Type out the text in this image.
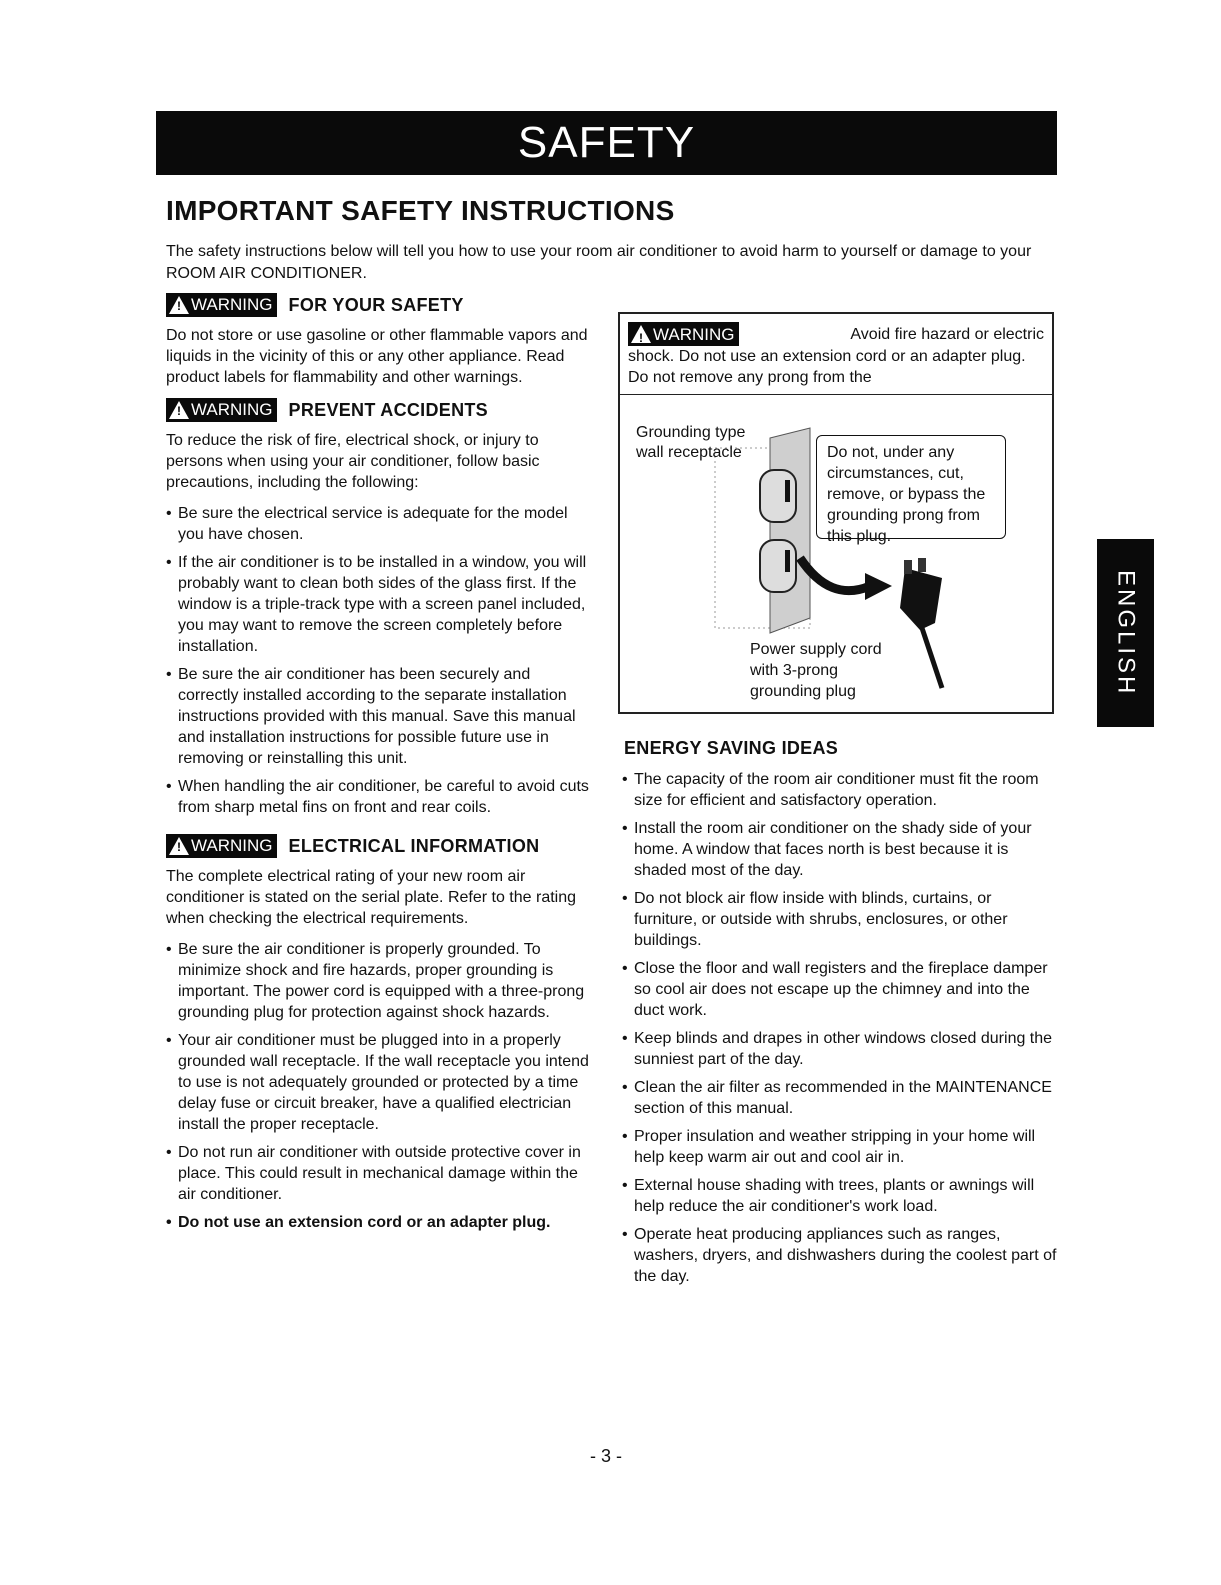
SAFETY
IMPORTANT SAFETY INSTRUCTIONS
The safety instructions below will tell you how to use your room air conditioner to avoid harm to yourself or damage to your ROOM AIR CONDITIONER.
! WARNING FOR YOUR SAFETY

Do not store or use gasoline or other flammable vapors and liquids in the vicinity of this or any other appliance. Read product labels for flammability and other warnings.

! WARNING PREVENT ACCIDENTS

To reduce the risk of fire, electrical shock, or injury to persons when using your air conditioner, follow basic precautions, including the following:

• Be sure the electrical service is adequate for the model you have chosen.
• If the air conditioner is to be installed in a window, you will probably want to clean both sides of the glass first. If the window is a triple-track type with a screen panel included, you may want to remove the screen completely before installation.
• Be sure the air conditioner has been securely and correctly installed according to the separate installation instructions provided with this manual. Save this manual and installation instructions for possible future use in removing or reinstalling this unit.
• When handling the air conditioner, be careful to avoid cuts from sharp metal fins on front and rear coils.
! WARNING ELECTRICAL INFORMATION

The complete electrical rating of your new room air conditioner is stated on the serial plate. Refer to the rating when checking the electrical requirements.

• Be sure the air conditioner is properly grounded. To minimize shock and fire hazards, proper grounding is important. The power cord is equipped with a three-prong grounding plug for protection against shock hazards.
• Your air conditioner must be plugged into in a properly grounded wall receptacle. If the wall receptacle you intend to use is not adequately grounded or protected by a time delay fuse or circuit breaker, have a qualified electrician install the proper receptacle.
• Do not run air conditioner with outside protective cover in place. This could result in mechanical damage within the air conditioner.
• Do not use an extension cord or an adapter plug.
! WARNING	Avoid fire hazard or electric

shock. Do not use an extension cord or an adapter plug. Do not remove any prong from the

Grounding type wall receptacle	Do not, under any circumstances, cut, remove, or bypass the grounding prong from this plug.
Power supply cord with 3-prong grounding plug
ENERGY SAVING IDEAS
• The capacity of the room air conditioner must fit the room size for efficient and satisfactory operation.
• Install the room air conditioner on the shady side of your home. A window that faces north is best because it is shaded most of the day.
• Do not block air flow inside with blinds, curtains, or furniture, or outside with shrubs, enclosures, or other buildings.
• Close the floor and wall registers and the fireplace damper so cool air does not escape up the chimney and into the duct work.
• Keep blinds and drapes in other windows closed during the sunniest part of the day.
• Clean the air filter as recommended in the MAINTENANCE section of this manual.
• Proper insulation and weather stripping in your home will help keep warm air out and cool air in.
• External house shading with trees, plants or awnings will help reduce the air conditioner's work load.
• Operate heat producing appliances such as ranges, washers, dryers, and dishwashers during the coolest part of the day.
- 3 -
ENGLISH
